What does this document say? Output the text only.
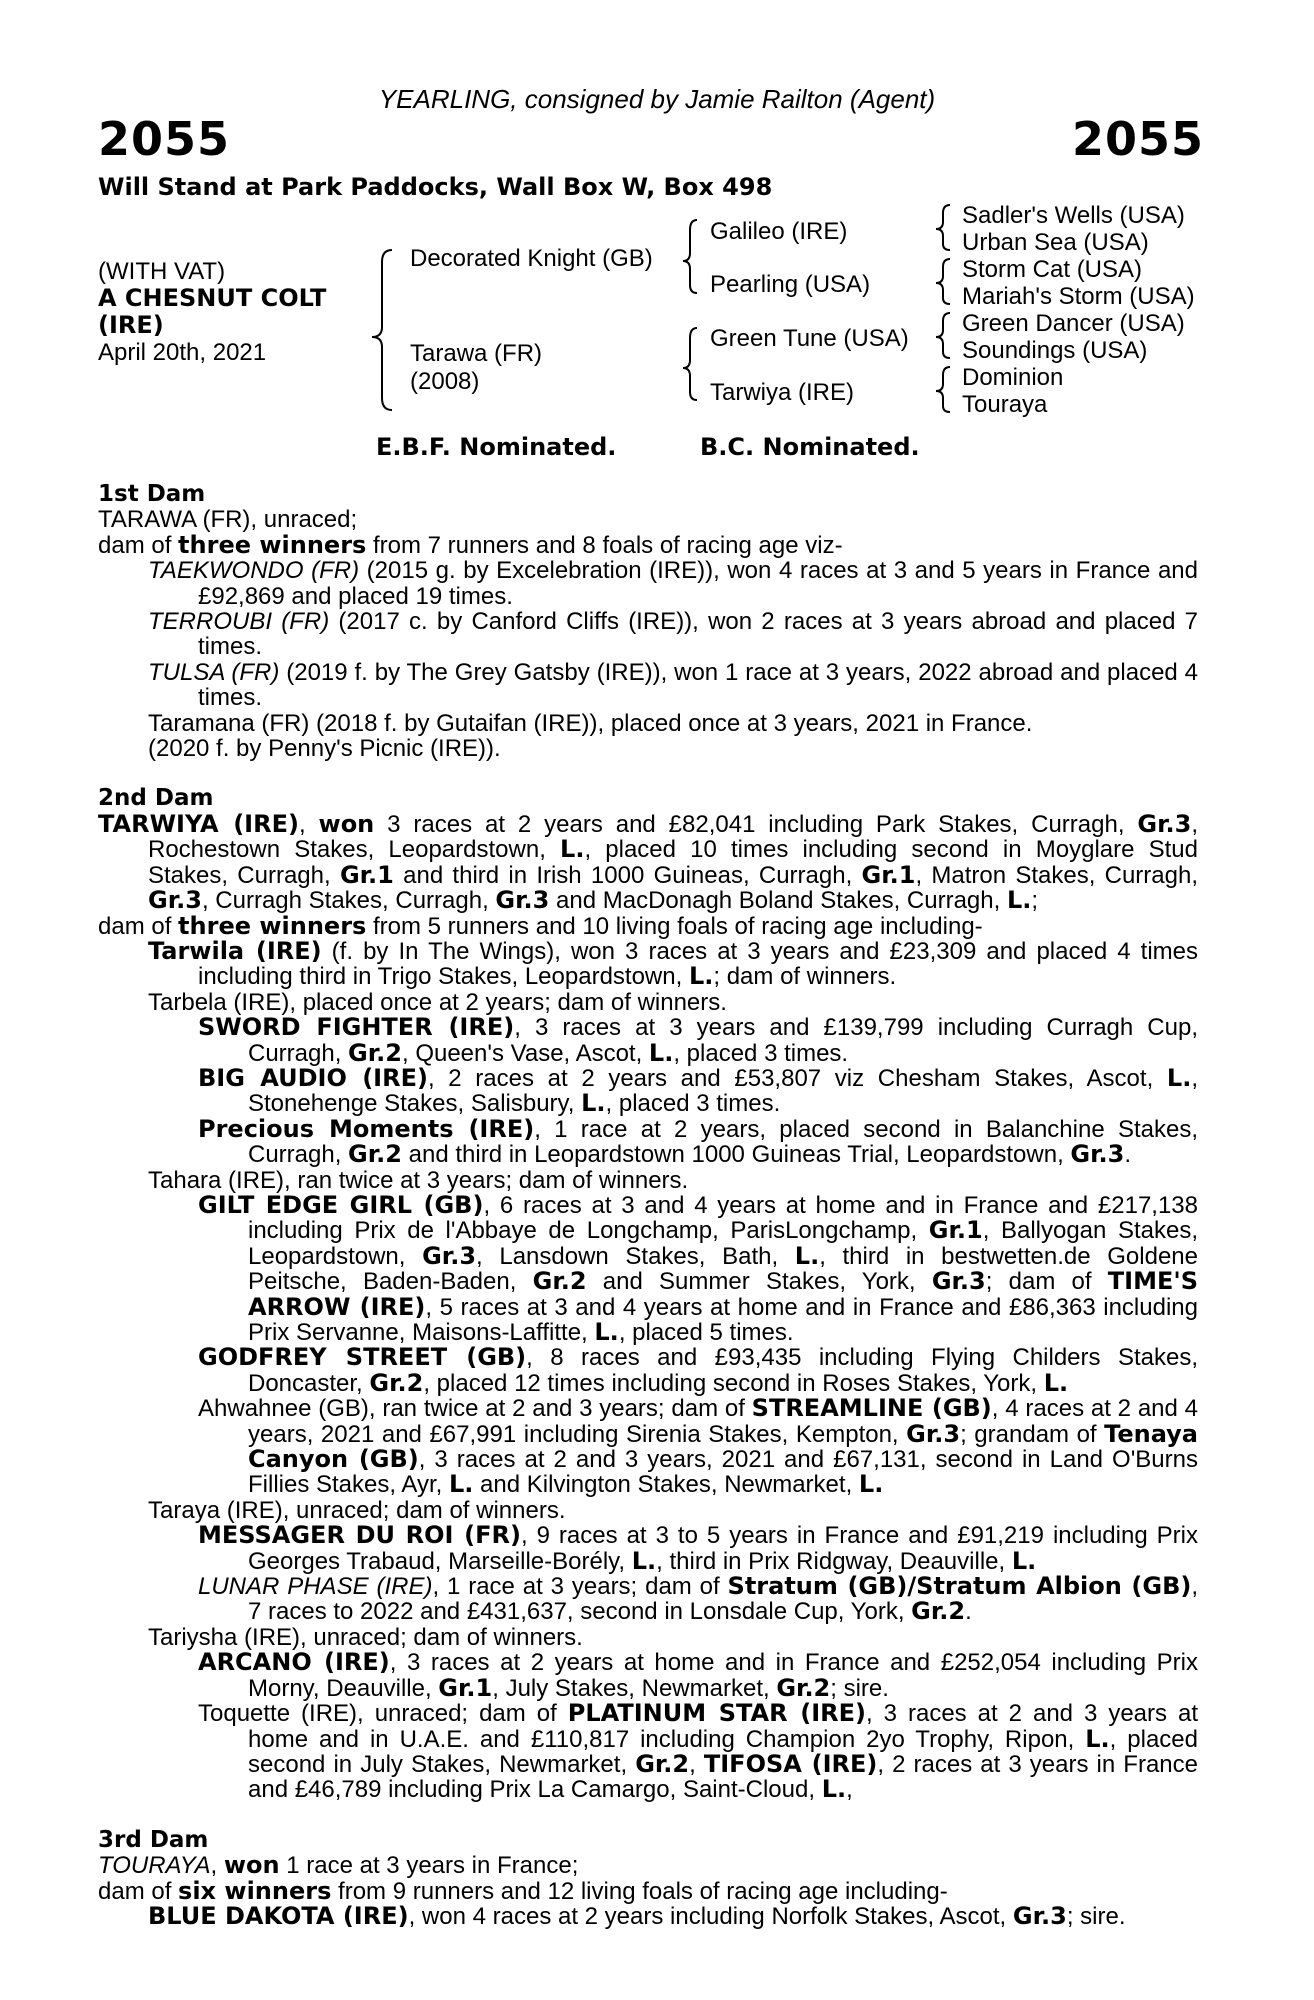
YEARLING, consigned by Jamie Railton (Agent)
2055	2055
Will Stand at Park Paddocks, Wall Box W, Box 498
(WITH VAT)
A CHESNUT COLT
(IRE)
April 20th, 2021
Decorated Knight (GB)
Tarawa (FR)
(2008)
Galileo (IRE)
Pearling (USA)
Green Tune (USA)
Tarwiya (IRE)
Sadler's Wells (USA)
Urban Sea (USA)
Storm Cat (USA)
Mariah's Storm (USA)
Green Dancer (USA)
Soundings (USA)
Dominion
Touraya
E.B.F. Nominated.	B.C. Nominated.
1st Dam
TARAWA (FR), unraced;
dam of three winners from 7 runners and 8 foals of racing age viz-
TAEKWONDO (FR) (2015 g. by Excelebration (IRE)), won 4 races at 3 and 5 years in France and £92,869 and placed 19 times.
TERROUBI (FR) (2017 c. by Canford Cliffs (IRE)), won 2 races at 3 years abroad and placed 7 times.
TULSA (FR) (2019 f. by The Grey Gatsby (IRE)), won 1 race at 3 years, 2022 abroad and placed 4 times.
Taramana (FR) (2018 f. by Gutaifan (IRE)), placed once at 3 years, 2021 in France.
(2020 f. by Penny's Picnic (IRE)).
2nd Dam
TARWIYA (IRE), won 3 races at 2 years and £82,041 including Park Stakes, Curragh, Gr.3, Rochestown Stakes, Leopardstown, L., placed 10 times including second in Moyglare Stud Stakes, Curragh, Gr.1 and third in Irish 1000 Guineas, Curragh, Gr.1, Matron Stakes, Curragh, Gr.3, Curragh Stakes, Curragh, Gr.3 and MacDonagh Boland Stakes, Curragh, L.;
dam of three winners from 5 runners and 10 living foals of racing age including-
Tarwila (IRE) (f. by In The Wings), won 3 races at 3 years and £23,309 and placed 4 times including third in Trigo Stakes, Leopardstown, L.; dam of winners.
Tarbela (IRE), placed once at 2 years; dam of winners.
SWORD FIGHTER (IRE), 3 races at 3 years and £139,799 including Curragh Cup, Curragh, Gr.2, Queen's Vase, Ascot, L., placed 3 times.
BIG AUDIO (IRE), 2 races at 2 years and £53,807 viz Chesham Stakes, Ascot, L., Stonehenge Stakes, Salisbury, L., placed 3 times.
Precious Moments (IRE), 1 race at 2 years, placed second in Balanchine Stakes, Curragh, Gr.2 and third in Leopardstown 1000 Guineas Trial, Leopardstown, Gr.3.
Tahara (IRE), ran twice at 3 years; dam of winners.
GILT EDGE GIRL (GB), 6 races at 3 and 4 years at home and in France and £217,138 including Prix de l'Abbaye de Longchamp, ParisLongchamp, Gr.1, Ballyogan Stakes, Leopardstown, Gr.3, Lansdown Stakes, Bath, L., third in bestwetten.de Goldene Peitsche, Baden-Baden, Gr.2 and Summer Stakes, York, Gr.3; dam of TIME'S ARROW (IRE), 5 races at 3 and 4 years at home and in France and £86,363 including Prix Servanne, Maisons-Laffitte, L., placed 5 times.
GODFREY STREET (GB), 8 races and £93,435 including Flying Childers Stakes, Doncaster, Gr.2, placed 12 times including second in Roses Stakes, York, L.
Ahwahnee (GB), ran twice at 2 and 3 years; dam of STREAMLINE (GB), 4 races at 2 and 4 years, 2021 and £67,991 including Sirenia Stakes, Kempton, Gr.3; grandam of Tenaya Canyon (GB), 3 races at 2 and 3 years, 2021 and £67,131, second in Land O'Burns Fillies Stakes, Ayr, L. and Kilvington Stakes, Newmarket, L.
Taraya (IRE), unraced; dam of winners.
MESSAGER DU ROI (FR), 9 races at 3 to 5 years in France and £91,219 including Prix Georges Trabaud, Marseille-Borély, L., third in Prix Ridgway, Deauville, L.
LUNAR PHASE (IRE), 1 race at 3 years; dam of Stratum (GB)/Stratum Albion (GB), 7 races to 2022 and £431,637, second in Lonsdale Cup, York, Gr.2.
Tariysha (IRE), unraced; dam of winners.
ARCANO (IRE), 3 races at 2 years at home and in France and £252,054 including Prix Morny, Deauville, Gr.1, July Stakes, Newmarket, Gr.2; sire.
Toquette (IRE), unraced; dam of PLATINUM STAR (IRE), 3 races at 2 and 3 years at home and in U.A.E. and £110,817 including Champion 2yo Trophy, Ripon, L., placed second in July Stakes, Newmarket, Gr.2, TIFOSA (IRE), 2 races at 3 years in France and £46,789 including Prix La Camargo, Saint-Cloud, L.,
3rd Dam
TOURAYA, won 1 race at 3 years in France;
dam of six winners from 9 runners and 12 living foals of racing age including-
BLUE DAKOTA (IRE), won 4 races at 2 years including Norfolk Stakes, Ascot, Gr.3; sire.
